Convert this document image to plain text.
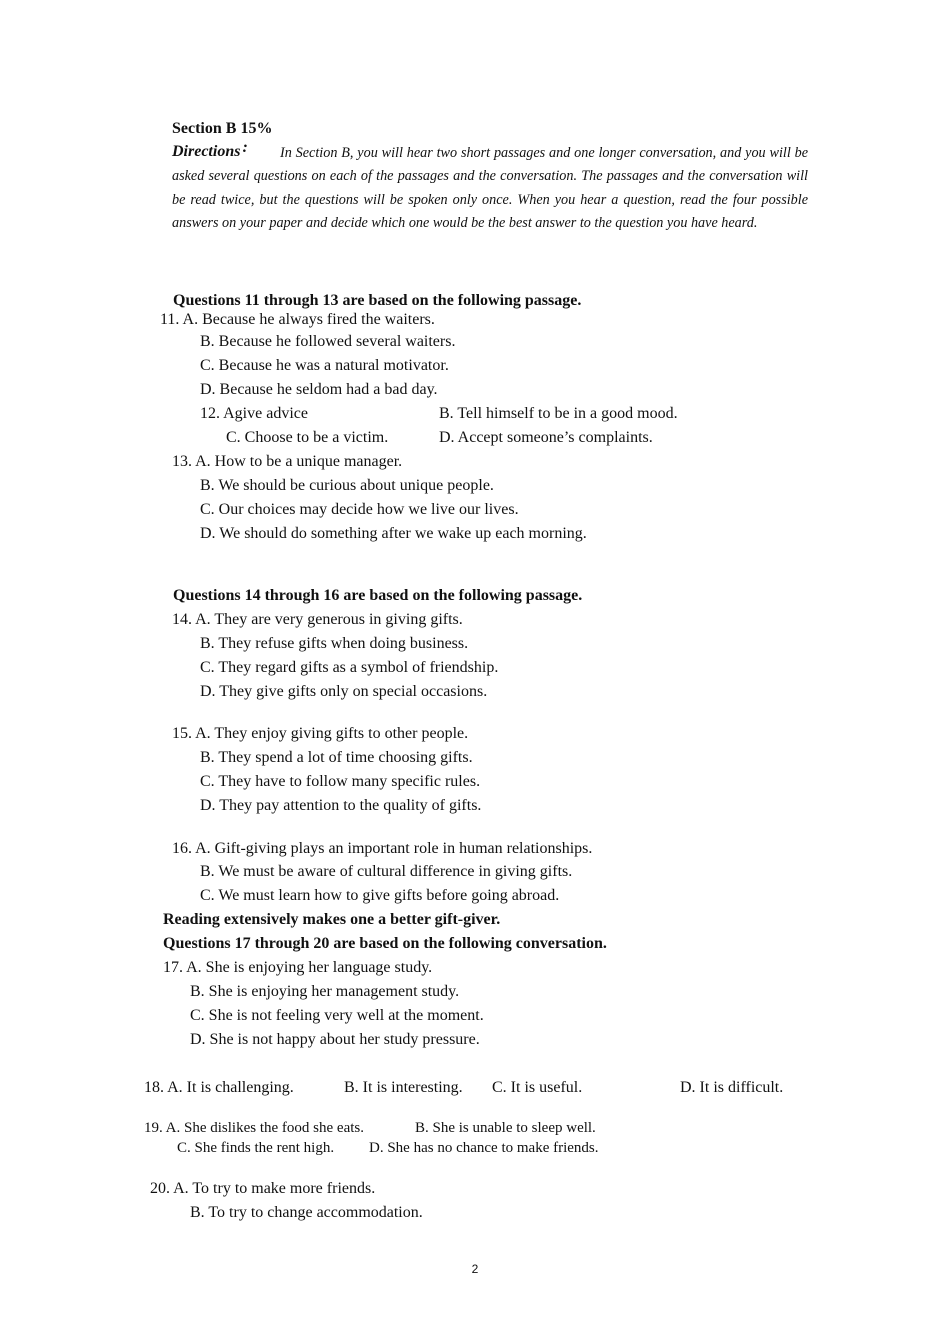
Section B 15%
Directions :	In Section B, you will hear two short passages and one longer conversation, and you will be asked several questions on each of the passages and the conversation. The passages and the conversation will be read twice, but the questions will be spoken only once. When you hear a question, read the four possible answers on your paper and decide which one would be the best answer to the question you have heard.
Questions 11 through 13 are based on the following passage.
11. A. Because he always fired the waiters.
B. Because he followed several waiters.
C. Because he was a natural motivator.
D. Because he seldom had a bad day.
12. Agive advice	B. Tell himself to be in a good mood.
C. Choose to be a victim.	D. Accept someone’s complaints.
13. A. How to be a unique manager.
B. We should be curious about unique people.
C. Our choices may decide how we live our lives.
D. We should do something after we wake up each morning.
Questions 14 through 16 are based on the following passage.
14. A. They are very generous in giving gifts.
B. They refuse gifts when doing business.
C. They regard gifts as a symbol of friendship.
D. They give gifts only on special occasions.
15. A. They enjoy giving gifts to other people.
B. They spend a lot of time choosing gifts.
C. They have to follow many specific rules.
D. They pay attention to the quality of gifts.
16. A. Gift-giving plays an important role in human relationships.
B. We must be aware of cultural difference in giving gifts.
C. We must learn how to give gifts before going abroad.
Reading extensively makes one a better gift-giver.
Questions 17 through 20 are based on the following conversation.
17. A. She is enjoying her language study.
B. She is enjoying her management study.
C. She is not feeling very well at the moment.
D. She is not happy about her study pressure.
18. A. It is challenging.	B. It is interesting. C. It is useful.	D. It is difficult.
19. A. She dislikes the food she eats.	B. She is unable to sleep well.
C. She finds the rent high. D. She has no chance to make friends.
20. A. To try to make more friends.
B. To try to change accommodation.
2
